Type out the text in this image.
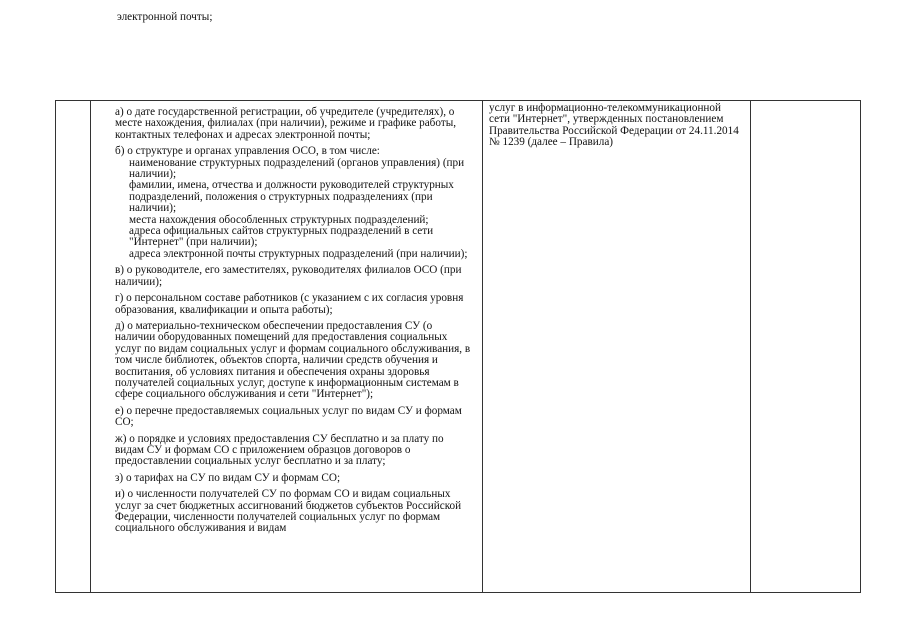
электронной почты;

а) о дате государственной регистрации, об учредителе (учредителях), о месте нахождения, филиалах (при наличии), режиме и графике работы, контактных телефонах и адресах электронной почты;
б) о структуре и органах управления ОСО, в том числе:
наименование структурных подразделений (органов управления) (при наличии);
фамилии, имена, отчества и должности руководителей структурных подразделений, положения о структурных подразделениях (при наличии);
места нахождения обособленных структурных подразделений;
адреса официальных сайтов структурных подразделений в сети "Интернет" (при наличии);
адреса электронной почты структурных подразделений (при наличии);
в) о руководителе, его заместителях, руководителях филиалов ОСО (при наличии);
г) о персональном составе работников (с указанием с их согласия уровня образования, квалификации и опыта работы);
д) о материально-техническом обеспечении предоставления СУ (о наличии оборудованных помещений для предоставления социальных услуг по видам социальных услуг и формам социального обслуживания, в том числе библиотек, объектов спорта, наличии средств обучения и воспитания, об условиях питания и обеспечения охраны здоровья получателей социальных услуг, доступе к информационным системам в сфере социального обслуживания и сети "Интернет");
е) о перечне предоставляемых социальных услуг по видам СУ и формам СО;
ж) о порядке и условиях предоставления СУ бесплатно и за плату по видам СУ и формам СО с приложением образцов договоров о предоставлении социальных услуг бесплатно и за плату;
з) о тарифах на СУ по видам СУ и формам СО;
и) о численности получателей СУ по формам СО и видам социальных услуг за счет бюджетных ассигнований бюджетов субъектов Российской Федерации, численности получателей социальных услуг по формам социального обслуживания и видам

услуг в информационно-телекоммуникационной сети "Интернет", утвержденных постановлением Правительства Российской Федерации от 24.11.2014 № 1239 (далее – Правила)
